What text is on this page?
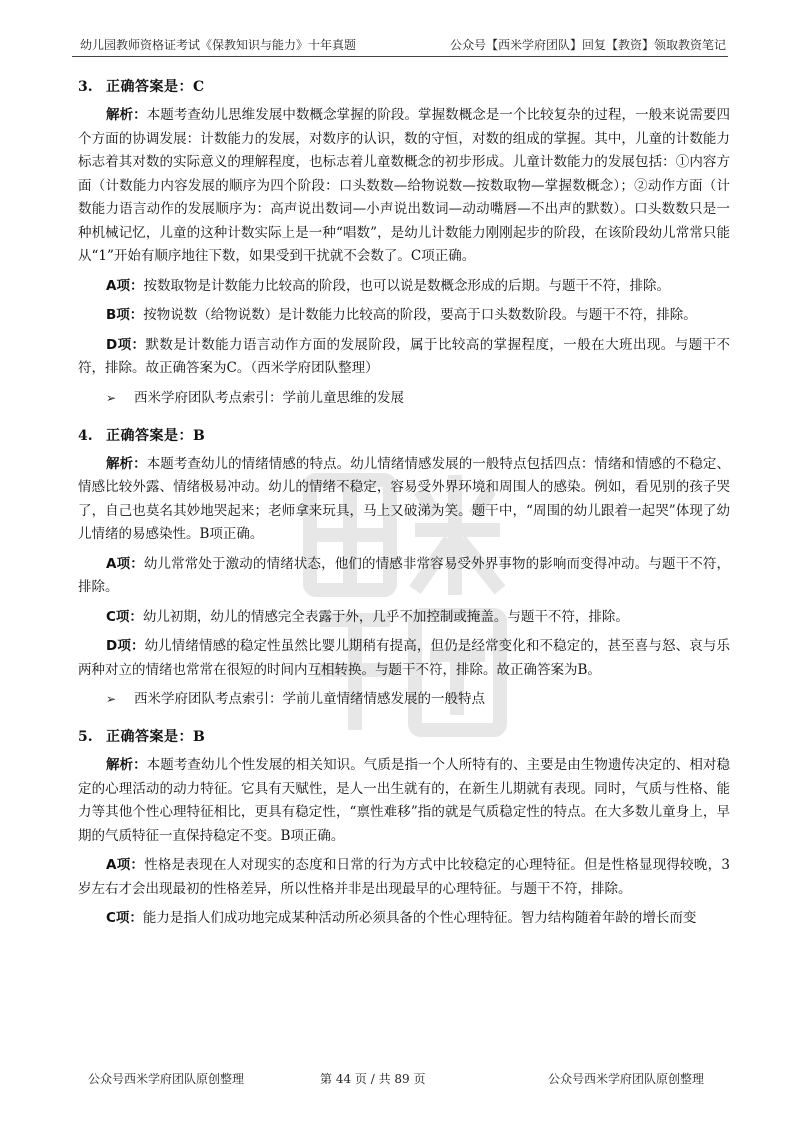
幼儿园教师资格证考试《保教知识与能力》十年真题	公众号【西米学府团队】回复【教资】领取教资笔记
3. 正确答案是：C

解析：本题考查幼儿思维发展中数概念掌握的阶段。掌握数概念是一个比较复杂的过程，一般来说需要四个方面的协调发展：计数能力的发展，对数序的认识，数的守恒，对数的组成的掌握。其中，儿童的计数能力标志着其对数的实际意义的理解程度，也标志着儿童数概念的初步形成。儿童计数能力的发展包括：①内容方面（计数能力内容发展的顺序为四个阶段：口头数数—给物说数—按数取物—掌握数概念）；②动作方面（计数能力语言动作的发展顺序为：高声说出数词—小声说出数词—动动嘴唇—不出声的默数）。口头数数只是一种机械记忆，儿童的这种计数实际上是一种“唱数”，是幼儿计数能力刚刚起步的阶段，在该阶段幼儿常常只能从“1”开始有顺序地往下数，如果受到干扰就不会数了。C项正确。

A项：按数取物是计数能力比较高的阶段，也可以说是数概念形成的后期。与题干不符，排除。

B项：按物说数（给物说数）是计数能力比较高的阶段，要高于口头数数阶段。与题干不符，排除。

D项：默数是计数能力语言动作方面的发展阶段，属于比较高的掌握程度，一般在大班出现。与题干不符，排除。故正确答案为C。（西米学府团队整理）

➢ 西米学府团队考点索引：学前儿童思维的发展
4. 正确答案是：B

解析：本题考查幼儿的情绪情感的特点。幼儿情绪情感发展的一般特点包括四点：情绪和情感的不稳定、情感比较外露、情绪极易冲动。幼儿的情绪不稳定，容易受外界环境和周围人的感染。例如，看见别的孩子哭了，自己也莫名其妙地哭起来；老师拿来玩具，马上又破涕为笑。题干中，“周围的幼儿跟着一起哭”体现了幼儿情绪的易感染性。B项正确。

A项：幼儿常常处于激动的情绪状态，他们的情感非常容易受外界事物的影响而变得冲动。与题干不符，排除。

C项：幼儿初期，幼儿的情感完全表露于外，几乎不加控制或掩盖。与题干不符，排除。

D项：幼儿情绪情感的稳定性虽然比婴儿期稍有提高，但仍是经常变化和不稳定的，甚至喜与怒、哀与乐两种对立的情绪也常常在很短的时间内互相转换。与题干不符，排除。故正确答案为B。

➢ 西米学府团队考点索引：学前儿童情绪情感发展的一般特点
5. 正确答案是：B

解析：本题考查幼儿个性发展的相关知识。气质是指一个人所特有的、主要是由生物遗传决定的、相对稳定的心理活动的动力特征。它具有天赋性，是人一出生就有的，在新生儿期就有表现。同时，气质与性格、能力等其他个性心理特征相比，更具有稳定性，“禀性难移”指的就是气质稳定性的特点。在大多数儿童身上，早期的气质特征一直保持稳定不变。B项正确。

A项：性格是表现在人对现实的态度和日常的行为方式中比较稳定的心理特征。但是性格显现得较晚，3岁左右才会出现最初的性格差异，所以性格并非是出现最早的心理特征。与题干不符，排除。

C项：能力是指人们成功地完成某种活动所必须具备的个性心理特征。智力结构随着年龄的增长而变

公众号西米学府团队原创整理	第 44 页 / 共 89 页	公众号西米学府团队原创整理
